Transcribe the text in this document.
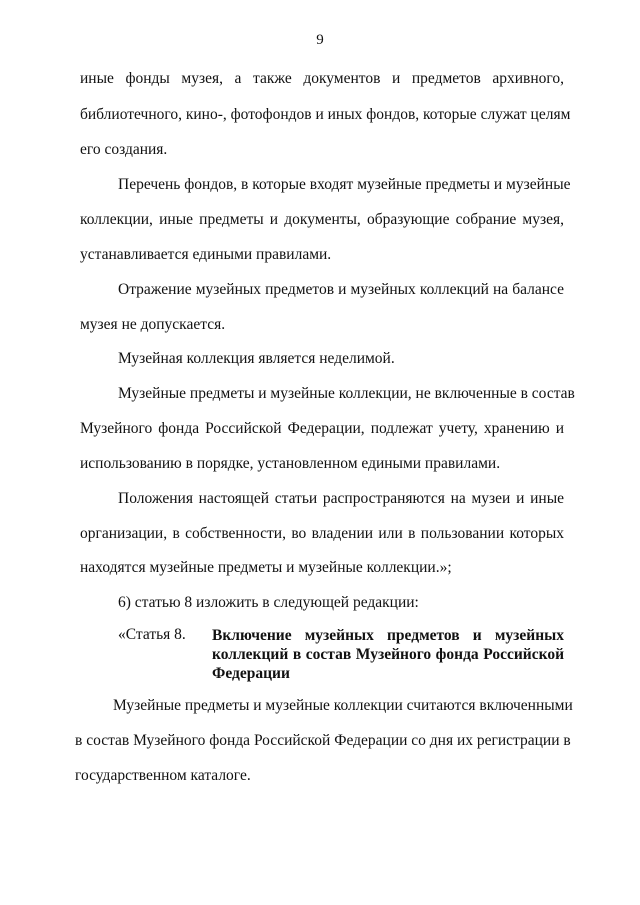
9

иные фонды музея, а также документов и предметов архивного,

библиотечного, кино-, фотофондов и иных фондов, которые служат целям

его создания.

Перечень фондов, в которые входят музейные предметы и музейные

коллекции, иные предметы и документы, образующие собрание музея,

устанавливается едиными правилами.

Отражение музейных предметов и музейных коллекций на балансе

музея не допускается.

Музейная коллекция является неделимой.

Музейные предметы и музейные коллекции, не включенные в состав

Музейного фонда Российской Федерации, подлежат учету, хранению и

использованию в порядке, установленном едиными правилами.

Положения настоящей статьи распространяются на музеи и иные

организации, в собственности, во владении или в пользовании которых

находятся музейные предметы и музейные коллекции.»;

6) статью 8 изложить в следующей редакции:

«Статья 8. Включение музейных предметов и музейных коллекций в состав Музейного фонда Российской Федерации

Музейные предметы и музейные коллекции считаются включенными

в состав Музейного фонда Российской Федерации со дня их регистрации в

государственном каталоге.
